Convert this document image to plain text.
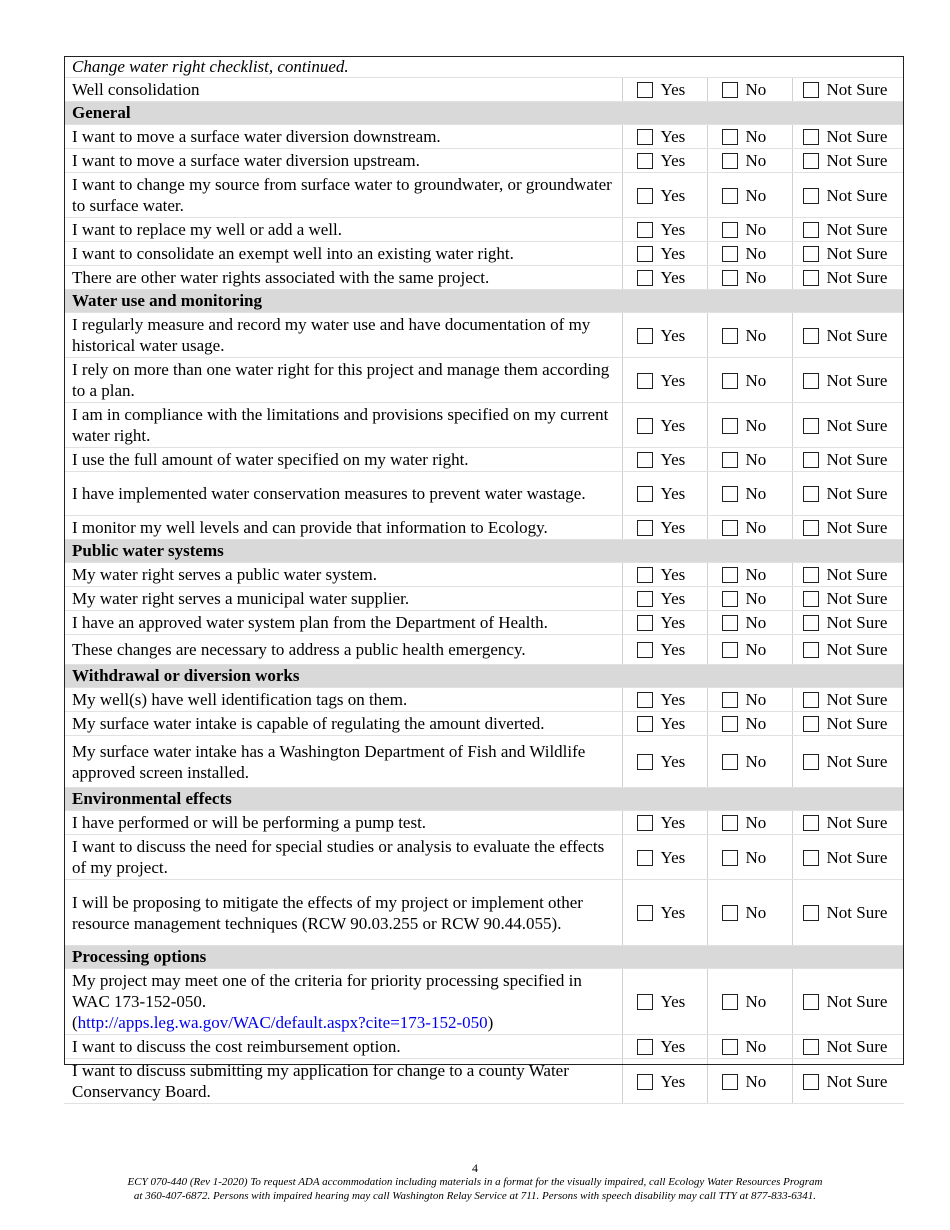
Change water right checklist, continued.			
Well consolidation	Yes	No	Not Sure
General			
I want to move a surface water diversion downstream.	Yes	No	Not Sure
I want to move a surface water diversion upstream.	Yes	No	Not Sure
I want to change my source from surface water to groundwater, or groundwater to surface water.	Yes	No	Not Sure
I want to replace my well or add a well.	Yes	No	Not Sure
I want to consolidate an exempt well into an existing water right.	Yes	No	Not Sure
There are other water rights associated with the same project.	Yes	No	Not Sure
Water use and monitoring			
I regularly measure and record my water use and have documentation of my historical water usage.	Yes	No	Not Sure
I rely on more than one water right for this project and manage them according to a plan.	Yes	No	Not Sure
I am in compliance with the limitations and provisions specified on my current water right.	Yes	No	Not Sure
I use the full amount of water specified on my water right.	Yes	No	Not Sure
I have implemented water conservation measures to prevent water wastage.	Yes	No	Not Sure
I monitor my well levels and can provide that information to Ecology.	Yes	No	Not Sure
Public water systems			
My water right serves a public water system.	Yes	No	Not Sure
My water right serves a municipal water supplier.	Yes	No	Not Sure
I have an approved water system plan from the Department of Health.	Yes	No	Not Sure
These changes are necessary to address a public health emergency.	Yes	No	Not Sure
Withdrawal or diversion works			
My well(s) have well identification tags on them.	Yes	No	Not Sure
My surface water intake is capable of regulating the amount diverted.	Yes	No	Not Sure
My surface water intake has a Washington Department of Fish and Wildlife approved screen installed.	Yes	No	Not Sure
Environmental effects			
I have performed or will be performing a pump test.	Yes	No	Not Sure
I want to discuss the need for special studies or analysis to evaluate the effects of my project.	Yes	No	Not Sure
I will be proposing to mitigate the effects of my project or implement other resource management techniques (RCW 90.03.255 or RCW 90.44.055).	Yes	No	Not Sure
Processing options			
My project may meet one of the criteria for priority processing specified in WAC 173-152-050.
(http://apps.leg.wa.gov/WAC/default.aspx?cite=173-152-050)	Yes	No	Not Sure
I want to discuss the cost reimbursement option.	Yes	No	Not Sure
I want to discuss submitting my application for change to a county Water Conservancy Board.	Yes	No	Not Sure
4
ECY 070-440 (Rev 1-2020) To request ADA accommodation including materials in a format for the visually impaired, call Ecology Water Resources Program
at 360-407-6872. Persons with impaired hearing may call Washington Relay Service at 711. Persons with speech disability may call TTY at 877-833-6341.
